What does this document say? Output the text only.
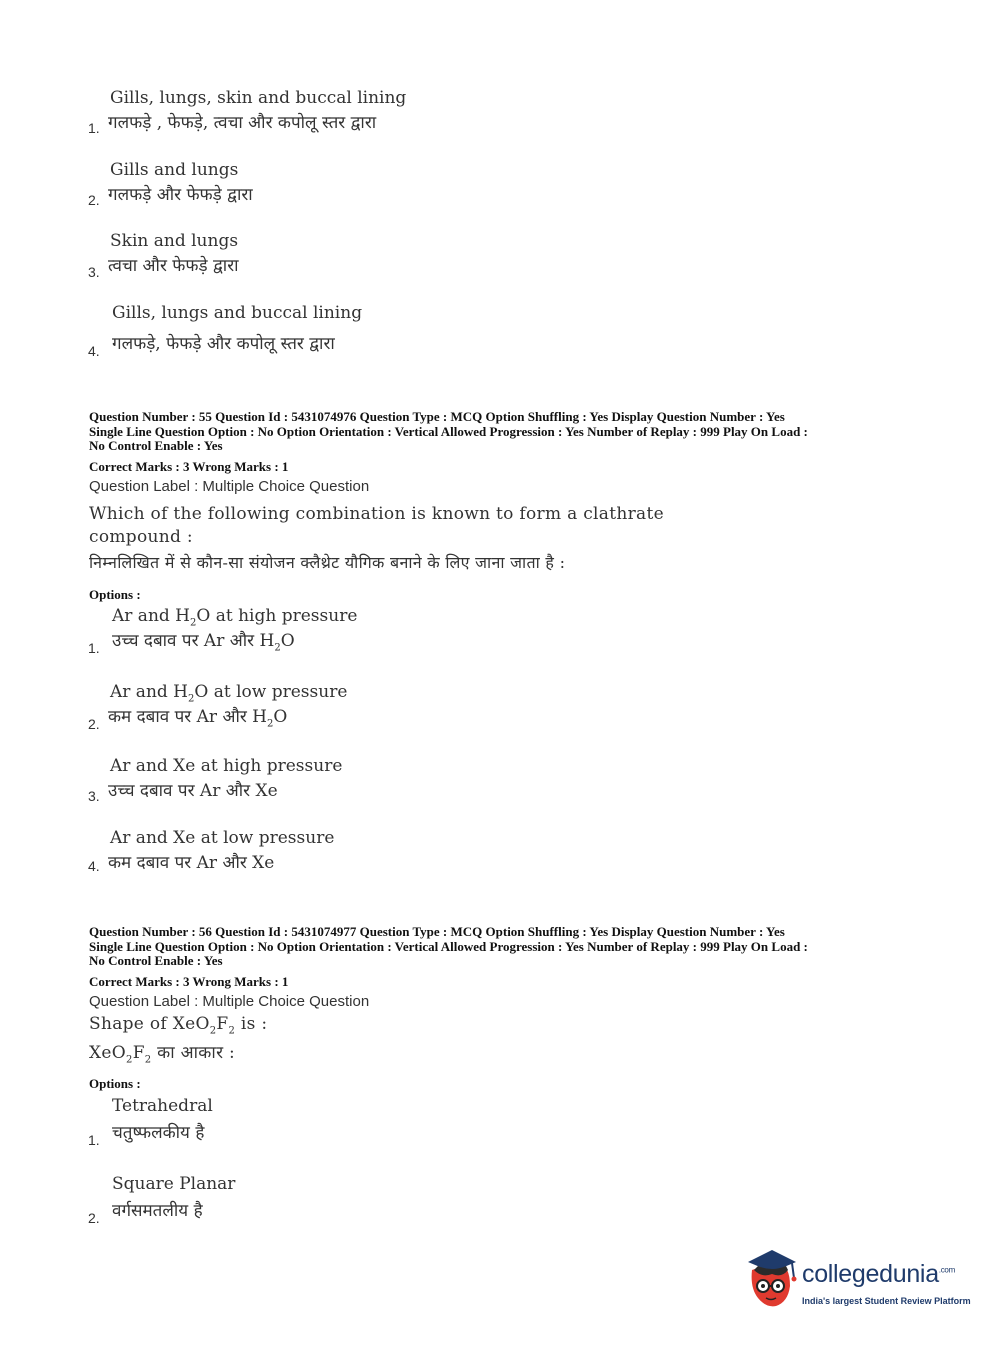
Gills, lungs, skin and buccal lining
1. गलफड़े , फेफड़े, त्वचा और कपोलू स्तर द्वारा
Gills and lungs
2. गलफड़े और फेफड़े द्वारा
Skin and lungs
3. त्वचा और फेफड़े द्वारा
Gills, lungs and buccal lining
4. गलफड़े, फेफड़े और कपोलू स्तर द्वारा
Question Number : 55 Question Id : 5431074976 Question Type : MCQ Option Shuffling : Yes Display Question Number : Yes
Single Line Question Option : No Option Orientation : Vertical Allowed Progression : Yes Number of Replay : 999 Play On Load :
No Control Enable : Yes
Correct Marks : 3 Wrong Marks : 1
Question Label : Multiple Choice Question
Which of the following combination is known to form a clathrate
compound :
निम्नलिखित में से कौन-सा संयोजन क्लैथ्रेट यौगिक बनाने के लिए जाना जाता है :
Options :
Ar and $H_2O$ at high pressure
1. उच्च दबाव पर Ar और $H_2O$
Ar and $H_2O$ at low pressure
2. कम दबाव पर Ar और $H_2O$
Ar and Xe at high pressure
3. उच्च दबाव पर Ar और Xe
Ar and Xe at low pressure
4. कम दबाव पर Ar और Xe
Question Number : 56 Question Id : 5431074977 Question Type : MCQ Option Shuffling : Yes Display Question Number : Yes
Single Line Question Option : No Option Orientation : Vertical Allowed Progression : Yes Number of Replay : 999 Play On Load :
No Control Enable : Yes
Correct Marks : 3 Wrong Marks : 1
Question Label : Multiple Choice Question
Shape of $XeO_2F_2$ is :
$XeO_2F_2$ का आकार :
Options :
Tetrahedral
1. चतुष्फलकीय है
Square Planar
2. वर्गसमतलीय है
collegedunia$^{.com}$
India's largest Student Review Platform
